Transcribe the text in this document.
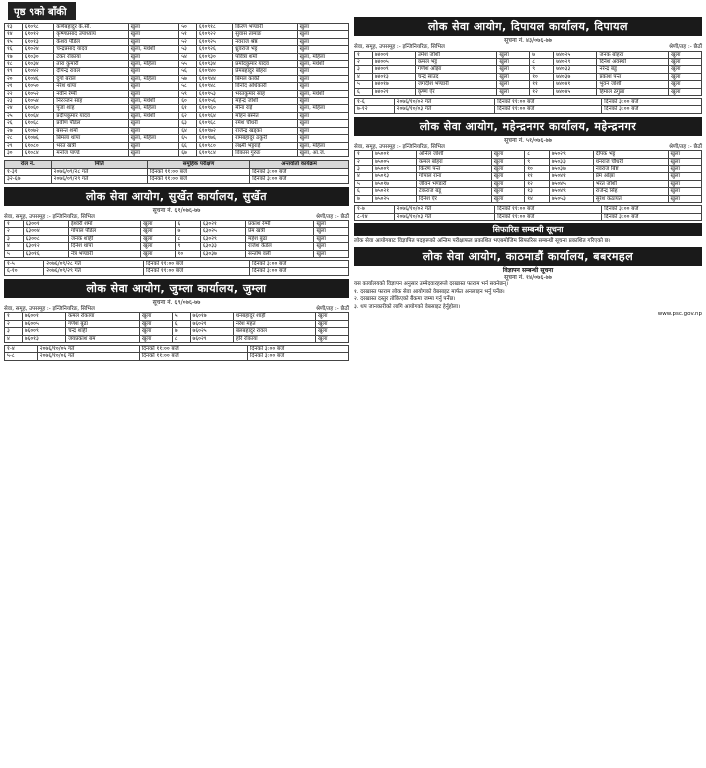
पृष्ठ ९को बाँकी
१३	६१०९८	कर्णबहादुर के.सी.	खुला	५०	६१०९१८	किरण भण्डारी	खुला
१४	६१०१२	कृष्णप्रसाद उपाध्याय	खुला	५१	६१०९२२	सुवास तामाङ	खुला
१५	६१०१३	केशव पौडेल	खुला	५२	६१०९२५	नवराज श्रेष्ठ	खुला
१६	६१०२४	चन्द्रप्रसाद यादव	खुला, मधेशी	५३	६१०९२६	ध्रुवराज भट्ट	खुला
१७	६१०३०	टंकर रोकाया	खुला	५४	६१०९३०	पवित्रा शर्मा	खुला, महिला
१८	६१०३४	तारा कुमारी	खुला, महिला	५५	६१०९३४	प्रमोदकुमार यादव	खुला, मधेशी
१९	६१०४२	दीपेन्द्र रावल	खुला	५६	६१०९४०	प्रेमबहादुर बोहरा	खुला
२०	६१०४६	दुर्गा बराल	खुला, महिला	५७	६१०९४४	बिमल कार्की	खुला
२१	६१०५०	नरेश थापा	खुला	५८	६१०९४८	विनोद अधिकारी	खुला
२२	६१०५२	नवीन रेग्मी	खुला	५९	६१०९५३	भरतकुमार साह	खुला, मधेशी
२३	६१०५४	निरञ्जन साह	खुला, मधेशी	६०	६१०९५६	महेन्द्र जोशी	खुला
२४	६१०६०	पूजा शाह	खुला, महिला	६१	६१०९६०	मीना राई	खुला, महिला
२५	६१०६४	प्रदीपकुमार यादव	खुला, मधेशी	६२	६१०९६४	मोहन बस्नेत	खुला
२६	६१०६८	प्रवीण पौडेल	खुला	६३	६१०९६८	रमेश चौधरी	खुला
२७	६१०७२	बसन्त शर्मा	खुला	६४	६१०९७२	राजेन्द्र खड्का	खुला
२८	६१०७६	बिमला थापा	खुला, महिला	६५	६१०९७६	रामबहादुर ठकुरी	खुला
२९	६१०८०	भरत खत्री	खुला	६६	६१०९८०	लक्ष्मी भट्टराई	खुला, महिला
३०	६१०८४	मनोज पाण्डे	खुला	६७	६१०९८४	विकास गुरुङ	खुला, आ.ज.
रोल नं.	मिति	समूहिक परीक्षण	अन्तर्वार्ता कार्यक्रम
१-३१	२०७६/०९/२८ गते	दिनको ११:०० बजे	दिनको ३:०० बजे
३२-६७	२०७६/०९/२९ गते	दिनको ११:०० बजे	दिनको ३:०० बजे
लोक सेवा आयोग, सुर्खेत कार्यालय, सुर्खेत
सूचना नं. ६१/०७६-७७
सेवा, समूह, उपसमूह :- इन्जिनियरिङ, सिभिल	श्रेणी/तह :- छैठौं
१	६३००१	ईश्वरी शर्मा	खुला	६	६३०२१	प्रकाश रेग्मी	खुला
२	६३००४	गोपाल पौडेल	खुला	७	६३०२५	प्रेम खत्री	खुला
३	६३००८	जनक शाही	खुला	८	६३०२९	महेश बुढा	खुला
४	६३०१२	दिनेश थापा	खुला	९	६३०३३	राजेश कँडेल	खुला
५	६३०१६	नेत्र भण्डारी	खुला	१०	६३०३७	सन्तोष वली	खुला
१-५	२०७६/०९/२८ गते	दिनको ११:०० बजे	दिनको ३:०० बजे
६-१०	२०७६/०९/२९ गते	दिनको ११:०० बजे	दिनको ३:०० बजे
लोक सेवा आयोग, जुम्ला कार्यालय, जुम्ला
सूचना नं. ६९/०७६-७७
सेवा, समूह, उपसमूह :- इन्जिनियरिङ, सिभिल	श्रेणी/तह :- छैठौं
१	७६००१	कमल रोकाया	खुला	५	७६०१७	धनबहादुर शाही	खुला
२	७६००५	गणेश बुढा	खुला	६	७६०२१	नरेश महत	खुला
३	७६००९	चन्द्र शाही	खुला	७	७६०२५	बलबहादुर रावल	खुला
४	७६०१३	जयप्रकाश बम	खुला	८	७६०२९	हरि रोकाया	खुला
१-४	२०७६/१०/०५ गते	दिनको ११:०० बजे	दिनको ३:०० बजे
५-८	२०७६/१०/०६ गते	दिनको ११:०० बजे	दिनको ३:०० बजे
लोक सेवा आयोग, दिपायल कार्यालय, दिपायल
सूचना नं. ४३/०७६-७७
सेवा, समूह, उपसमूह :- इन्जिनियरिङ, सिभिल	श्रेणी/तह :- छैठौं
१	७४००१	उमेश जोशी	खुला	७	७४०२५	जनक बोहरा	खुला
२	७४००५	कमल भट्ट	खुला	८	७४०२९	दिनेश अवस्थी	खुला
३	७४००९	गणेश ओझा	खुला	९	७४०३३	नरेन्द्र बडू	खुला
४	७४०१३	चन्द्र साउद	खुला	१०	७४०३७	प्रकाश पन्त	खुला
५	७४०१७	जगदीश भण्डारी	खुला	११	७४०४१	भुवन जोशी	खुला
६	७४०२१	कृष्ण ऐर	खुला	१२	७४०४५	हिमाल ठगुन्ना	खुला
१-६	२०७६/१०/०२ गते	दिनको ११:०० बजे	दिनको ३:०० बजे
७-१२	२०७६/१०/०३ गते	दिनको ११:०० बजे	दिनको ३:०० बजे
लोक सेवा आयोग, महेन्द्रनगर कार्यालय, महेन्द्रनगर
सूचना नं. ५१/०७६-७७
सेवा, समूह, उपसमूह :- इन्जिनियरिङ, सिभिल	श्रेणी/तह :- छैठौं
१	७५००१	अनिल जोशी	खुला	८	७५०२९	दीपक भट्ट	खुला
२	७५००५	कमल बोहरा	खुला	९	७५०३३	धनराज चौधरी	खुला
३	७५००९	किरण पन्त	खुला	१०	७५०३७	नवराज बिष्ट	खुला
४	७५०१३	गोपाल राना	खुला	११	७५०४१	प्रेम ओझा	खुला
५	७५०१७	जीवन भण्डारी	खुला	१२	७५०४५	भरत जोशी	खुला
६	७५०२१	टेकराज बडू	खुला	१३	७५०४९	राजेन्द्र सिंह	खुला
७	७५०२५	दिनेश ऐर	खुला	१४	७५०५३	सुरेश कठायत	खुला
१-७	२०७६/१०/०२ गते	दिनको ११:०० बजे	दिनको ३:०० बजे
८-१४	२०७६/१०/०३ गते	दिनको ११:०० बजे	दिनको ३:०० बजे
सिफारिस सम्बन्धी सूचना
लोक सेवा आयोगबाट विज्ञापित पदहरूको अन्तिम परीक्षाफल प्रकाशित भएबमोजिम सिफारिस सम्बन्धी सूचना प्रकाशित गरिएको छ।
लोक सेवा आयोग, काठमाडौं कार्यालय, बबरमहल
विज्ञापन सम्बन्धी सूचना
सूचना नं. १४/०७६-७७

यस कार्यालयको विज्ञापन अनुसार उम्मेदवारहरूले दरखास्त फाराम भर्न सक्नेछन्।

१. दरखास्त फाराम लोक सेवा आयोगको वेबसाइट मार्फत अनलाइन भर्नु पर्नेछ।

२. दरखास्त दस्तुर तोकिएको बैंकमा जम्मा गर्नु पर्नेछ।

३. थप जानकारीको लागि आयोगको वेबसाइट हेर्नुहोला।

www.psc.gov.np
